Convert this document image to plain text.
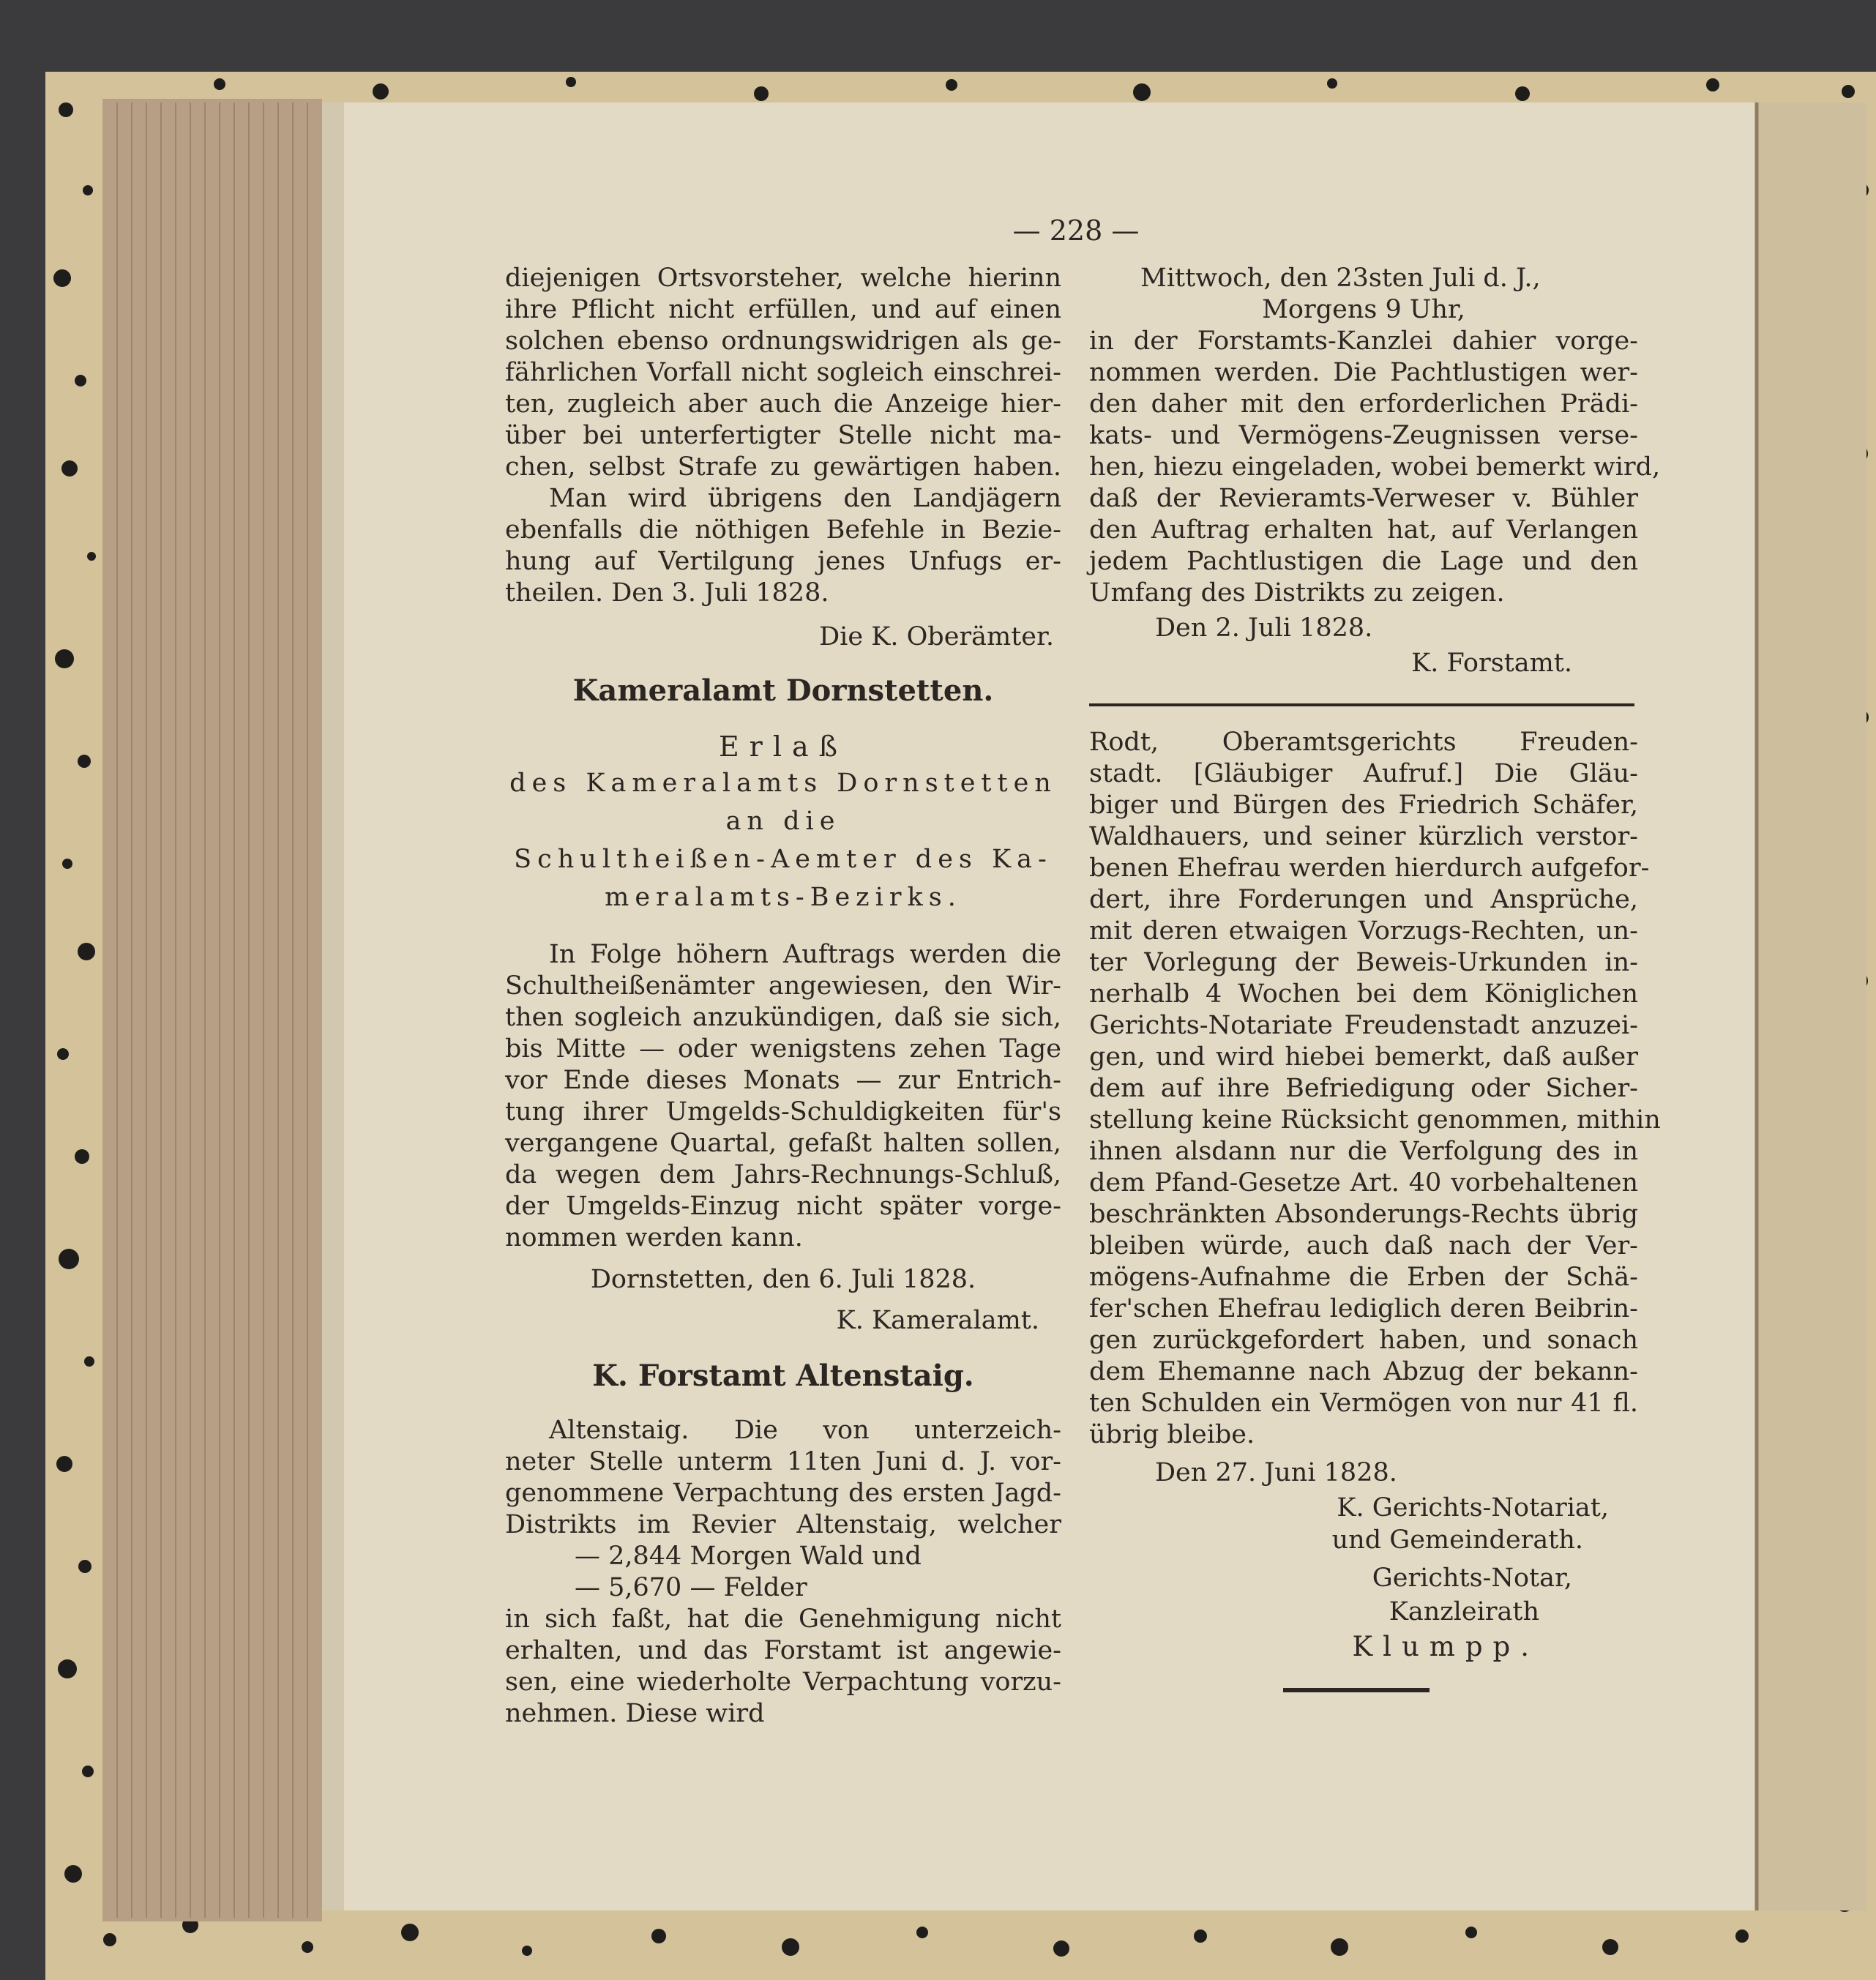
— 228 —
diejenigen Ortsvorsteher, welche hierinn
ihre Pflicht nicht erfüllen, und auf einen
solchen ebenso ordnungswidrigen als ge-
fährlichen Vorfall nicht sogleich einschrei-
ten, zugleich aber auch die Anzeige hier-
über bei unterfertigter Stelle nicht ma-
chen, selbst Strafe zu gewärtigen haben.
Man wird übrigens den Landjägern
ebenfalls die nöthigen Befehle in Bezie-
hung auf Vertilgung jenes Unfugs er-
theilen. Den 3. Juli 1828.
Die K. Oberämter.
Kameralamt Dornstetten.
Erlaß
des Kameralamts Dornstetten
an die
Schultheißen-Aemter des Ka-
meralamts-Bezirks.
In Folge höhern Auftrags werden die
Schultheißenämter angewiesen, den Wir-
then sogleich anzukündigen, daß sie sich,
bis Mitte — oder wenigstens zehen Tage
vor Ende dieses Monats — zur Entrich-
tung ihrer Umgelds-Schuldigkeiten für's
vergangene Quartal, gefaßt halten sollen,
da wegen dem Jahrs-Rechnungs-Schluß,
der Umgelds-Einzug nicht später vorge-
nommen werden kann.
Dornstetten, den 6. Juli 1828.
K. Kameralamt.
K. Forstamt Altenstaig.
Altenstaig. Die von unterzeich-
neter Stelle unterm 11ten Juni d. J. vor-
genommene Verpachtung des ersten Jagd-
Distrikts im Revier Altenstaig, welcher
— 2,844 Morgen Wald und
— 5,670 — Felder
in sich faßt, hat die Genehmigung nicht
erhalten, und das Forstamt ist angewie-
sen, eine wiederholte Verpachtung vorzu-
nehmen. Diese wird
Mittwoch, den 23sten Juli d. J.,
Morgens 9 Uhr,
in der Forstamts-Kanzlei dahier vorge-
nommen werden. Die Pachtlustigen wer-
den daher mit den erforderlichen Prädi-
kats- und Vermögens-Zeugnissen verse-
hen, hiezu eingeladen, wobei bemerkt wird,
daß der Revieramts-Verweser v. Bühler
den Auftrag erhalten hat, auf Verlangen
jedem Pachtlustigen die Lage und den
Umfang des Distrikts zu zeigen.
Den 2. Juli 1828.
K. Forstamt.
Rodt, Oberamtsgerichts Freuden-
stadt. [Gläubiger Aufruf.] Die Gläu-
biger und Bürgen des Friedrich Schäfer,
Waldhauers, und seiner kürzlich verstor-
benen Ehefrau werden hierdurch aufgefor-
dert, ihre Forderungen und Ansprüche,
mit deren etwaigen Vorzugs-Rechten, un-
ter Vorlegung der Beweis-Urkunden in-
nerhalb 4 Wochen bei dem Königlichen
Gerichts-Notariate Freudenstadt anzuzei-
gen, und wird hiebei bemerkt, daß außer
dem auf ihre Befriedigung oder Sicher-
stellung keine Rücksicht genommen, mithin
ihnen alsdann nur die Verfolgung des in
dem Pfand-Gesetze Art. 40 vorbehaltenen
beschränkten Absonderungs-Rechts übrig
bleiben würde, auch daß nach der Ver-
mögens-Aufnahme die Erben der Schä-
fer'schen Ehefrau lediglich deren Beibrin-
gen zurückgefordert haben, und sonach
dem Ehemanne nach Abzug der bekann-
ten Schulden ein Vermögen von nur 41 fl.
übrig bleibe.
Den 27. Juni 1828.
K. Gerichts-Notariat,
und Gemeinderath.
Gerichts-Notar,
Kanzleirath
Klumpp.
